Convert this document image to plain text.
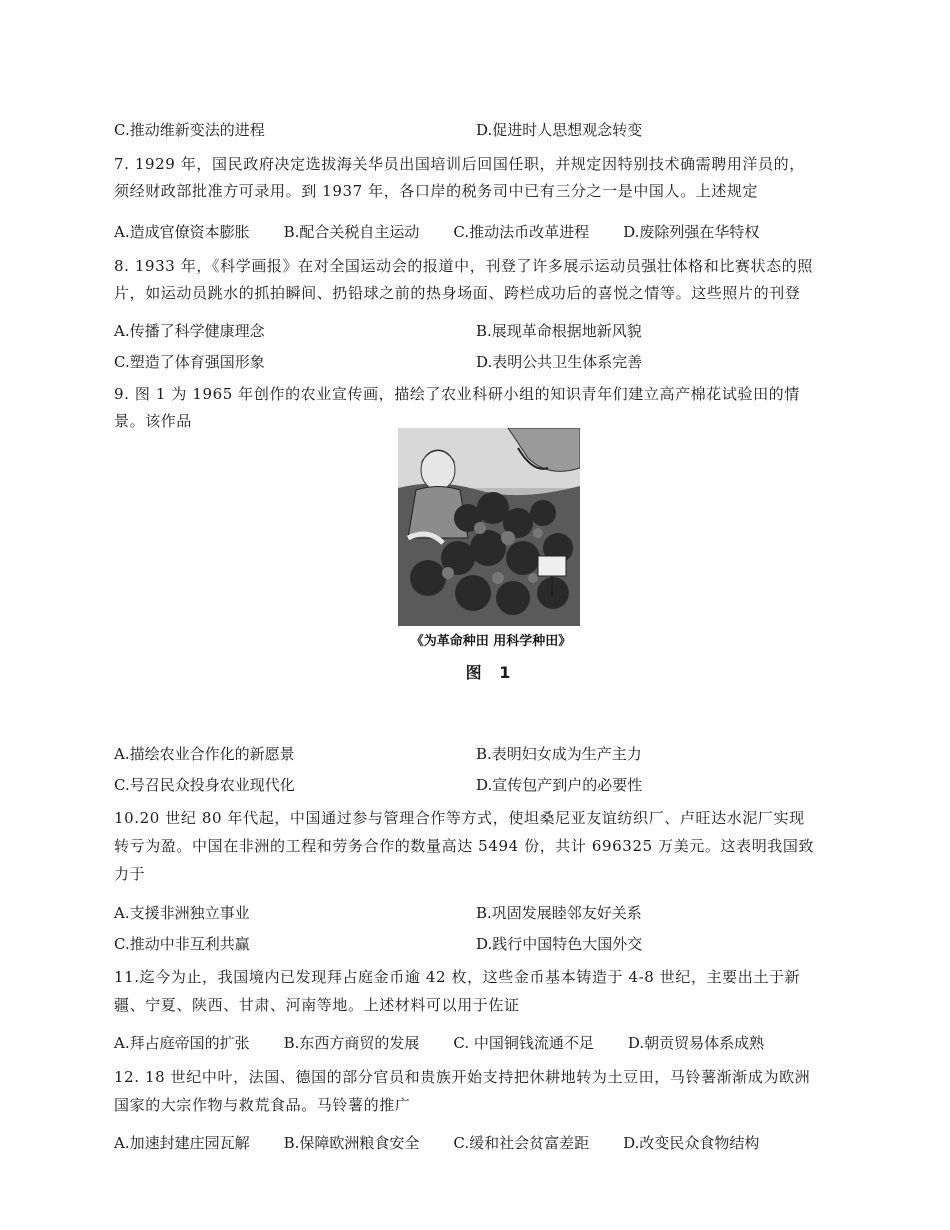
C.推动维新变法的进程	D.促进时人思想观念转变
7. 1929 年，国民政府决定选拔海关华员出国培训后回国任职，并规定因特别技术确需聘用洋员的，
须经财政部批准方可录用。到 1937 年，各口岸的税务司中已有三分之一是中国人。上述规定
A.造成官僚资本膨胀 B.配合关税自主运动 C.推动法币改革进程 D.废除列强在华特权
8. 1933 年，《科学画报》在对全国运动会的报道中，刊登了许多展示运动员强壮体格和比赛状态的照
片，如运动员跳水的抓拍瞬间、扔铅球之前的热身场面、跨栏成功后的喜悦之情等。这些照片的刊登
A.传播了科学健康理念	B.展现革命根据地新风貌
C.塑造了体育强国形象	D.表明公共卫生体系完善
9. 图 1 为 1965 年创作的农业宣传画，描绘了农业科研小组的知识青年们建立高产棉花试验田的情
景。该作品
《为革命种田 用科学种田》
图 1
A.描绘农业合作化的新愿景	B.表明妇女成为生产主力
C.号召民众投身农业现代化	D.宣传包产到户的必要性
10.20 世纪 80 年代起，中国通过参与管理合作等方式，使坦桑尼亚友谊纺织厂、卢旺达水泥厂实现
转亏为盈。中国在非洲的工程和劳务合作的数量高达 5494 份，共计 696325 万美元。这表明我国致
力于
A.支援非洲独立事业	B.巩固发展睦邻友好关系
C.推动中非互利共赢	D.践行中国特色大国外交
11.迄今为止，我国境内已发现拜占庭金币逾 42 枚，这些金币基本铸造于 4-8 世纪，主要出土于新
疆、宁夏、陕西、甘肃、河南等地。上述材料可以用于佐证
A.拜占庭帝国的扩张 B.东西方商贸的发展 C. 中国铜钱流通不足 D.朝贡贸易体系成熟
12. 18 世纪中叶，法国、德国的部分官员和贵族开始支持把休耕地转为土豆田，马铃薯渐渐成为欧洲
国家的大宗作物与救荒食品。马铃薯的推广
A.加速封建庄园瓦解 B.保障欧洲粮食安全 C.缓和社会贫富差距 D.改变民众食物结构
